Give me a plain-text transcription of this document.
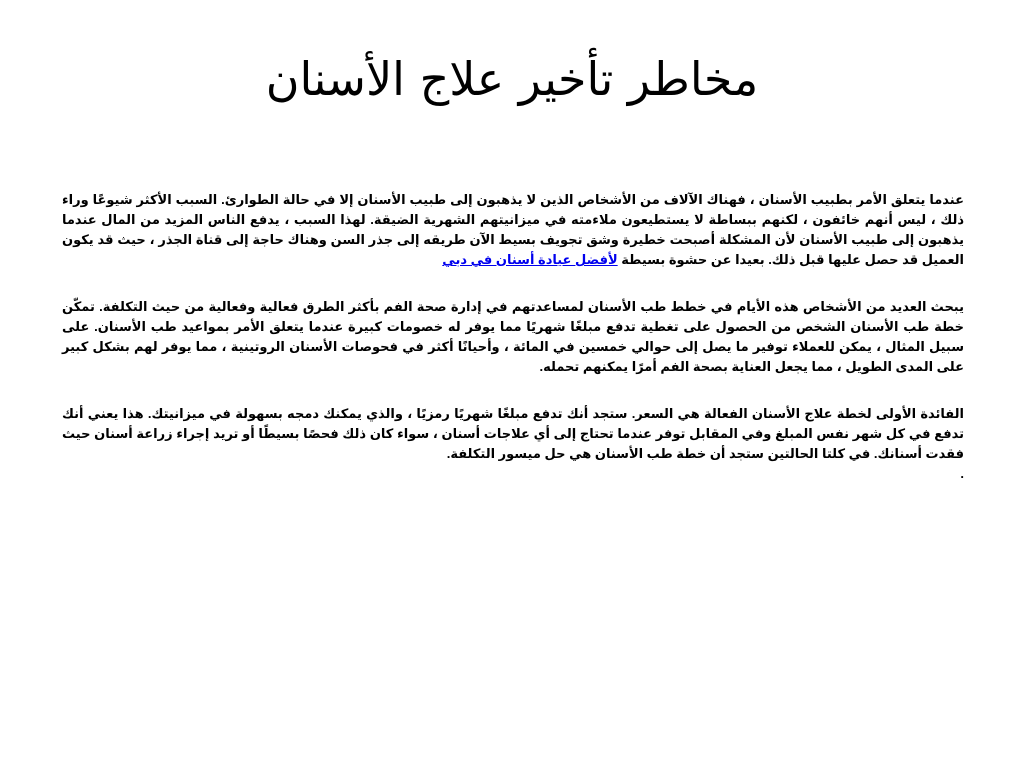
مخاطر تأخير علاج الأسنان

عندما يتعلق الأمر بطبيب الأسنان ، فهناك الآلاف من الأشخاص الذين لا يذهبون إلى طبيب الأسنان إلا في حالة الطوارئ. السبب الأكثر شيوعًا وراء ذلك ، ليس أنهم خائفون ، لكنهم ببساطة لا يستطيعون ملاءمته في ميزانيتهم الشهرية الضيقة. لهذا السبب ، يدفع الناس المزيد من المال عندما يذهبون إلى طبيب الأسنان لأن المشكلة أصبحت خطيرة وشق تجويف بسيط الآن طريقه إلى جذر السن وهناك حاجة إلى قناة الجذر ، حيث قد يكون العميل قد حصل عليها قبل ذلك. بعيدا عن حشوة بسيطة لأفضل عيادة أسنان في دبي

يبحث العديد من الأشخاص هذه الأيام في خطط طب الأسنان لمساعدتهم في إدارة صحة الفم بأكثر الطرق فعالية وفعالية من حيث التكلفة. تمكّن خطة طب الأسنان الشخص من الحصول على تغطية تدفع مبلغًا شهريًا مما يوفر له خصومات كبيرة عندما يتعلق الأمر بمواعيد طب الأسنان. على سبيل المثال ، يمكن للعملاء توفير ما يصل إلى حوالي خمسين في المائة ، وأحيانًا أكثر في فحوصات الأسنان الروتينية ، مما يوفر لهم بشكل كبير على المدى الطويل ، مما يجعل العناية بصحة الفم أمرًا يمكنهم تحمله.

الفائدة الأولى لخطة علاج الأسنان الفعالة هي السعر. ستجد أنك تدفع مبلغًا شهريًا رمزيًا ، والذي يمكنك دمجه بسهولة في ميزانيتك. هذا يعني أنك تدفع في كل شهر نفس المبلغ وفي المقابل توفر عندما تحتاج إلى أي علاجات أسنان ، سواء كان ذلك فحصًا بسيطًا أو تريد إجراء زراعة أسنان حيث فقدت أسنانك. في كلتا الحالتين ستجد أن خطة طب الأسنان هي حل ميسور التكلفة.

.
